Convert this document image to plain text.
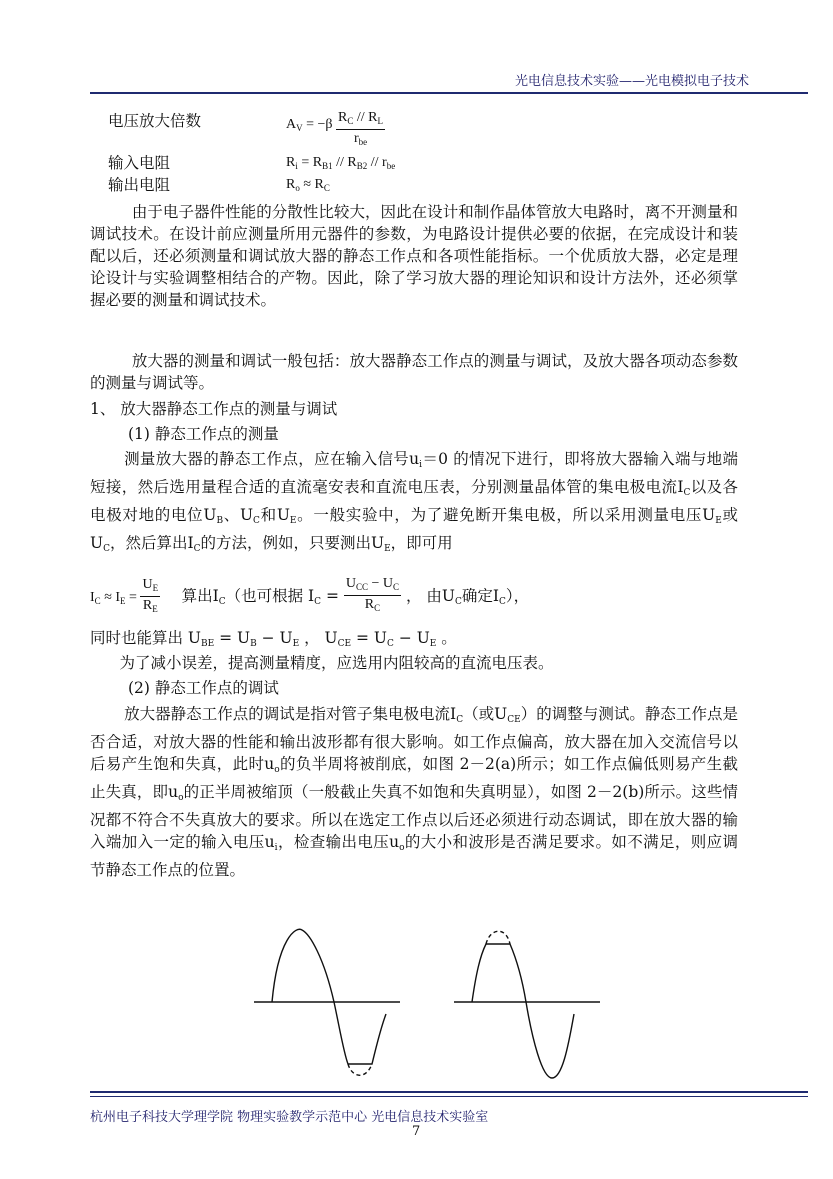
光电信息技术实验——光电模拟电子技术
电压放大倍数	$A_V = -\beta \frac{R_C // R_L}{r_{be}}$
输入电阻	$R_i = R_{B1} // R_{B2} // r_{be}$
输出电阻	$R_o \approx R_C$
由于电子器件性能的分散性比较大，因此在设计和制作晶体管放大电路时，离不开测量和调试技术。在设计前应测量所用元器件的参数，为电路设计提供必要的依据，在完成设计和装配以后，还必须测量和调试放大器的静态工作点和各项性能指标。一个优质放大器，必定是理论设计与实验调整相结合的产物。因此，除了学习放大器的理论知识和设计方法外，还必须掌握必要的测量和调试技术。
放大器的测量和调试一般包括：放大器静态工作点的测量与调试，及放大器各项动态参数的测量与调试等。
1、 放大器静态工作点的测量与调试
(1) 静态工作点的测量
测量放大器的静态工作点，应在输入信号$u_i=0$ 的情况下进行，即将放大器输入端与地端短接，然后选用量程合适的直流毫安表和直流电压表，分别测量晶体管的集电极电流$I_C$以及各电极对地的电位$U_B$、$U_C$和$U_E$。一般实验中，为了避免断开集电极，所以采用测量电压$U_E$或$U_C$，然后算出$I_C$的方法，例如，只要测出$U_E$，即可用
$I_C \approx I_E = \frac{U_E}{R_E}$ 算出$I_C$（也可根据 $I_C = \frac{U_{CC} - U_C}{R_C}$ ， 由$U_C$确定$I_C$），
同时也能算出 $U_{BE} = U_B - U_E$ ， $U_{CE} = U_C - U_E$ 。
为了减小误差，提高测量精度，应选用内阻较高的直流电压表。
(2) 静态工作点的调试
放大器静态工作点的调试是指对管子集电极电流$I_C$（或$U_{CE}$）的调整与测试。静态工作点是否合适，对放大器的性能和输出波形都有很大影响。如工作点偏高，放大器在加入交流信号以后易产生饱和失真，此时$u_o$的负半周将被削底，如图 2－2(a)所示；如工作点偏低则易产生截止失真，即$u_o$的正半周被缩顶（一般截止失真不如饱和失真明显），如图 2－2(b)所示。这些情况都不符合不失真放大的要求。所以在选定工作点以后还必须进行动态调试，即在放大器的输入端加入一定的输入电压$u_i$，检查输出电压$u_o$的大小和波形是否满足要求。如不满足，则应调节静态工作点的位置。
杭州电子科技大学理学院 物理实验教学示范中心 光电信息技术实验室
7
